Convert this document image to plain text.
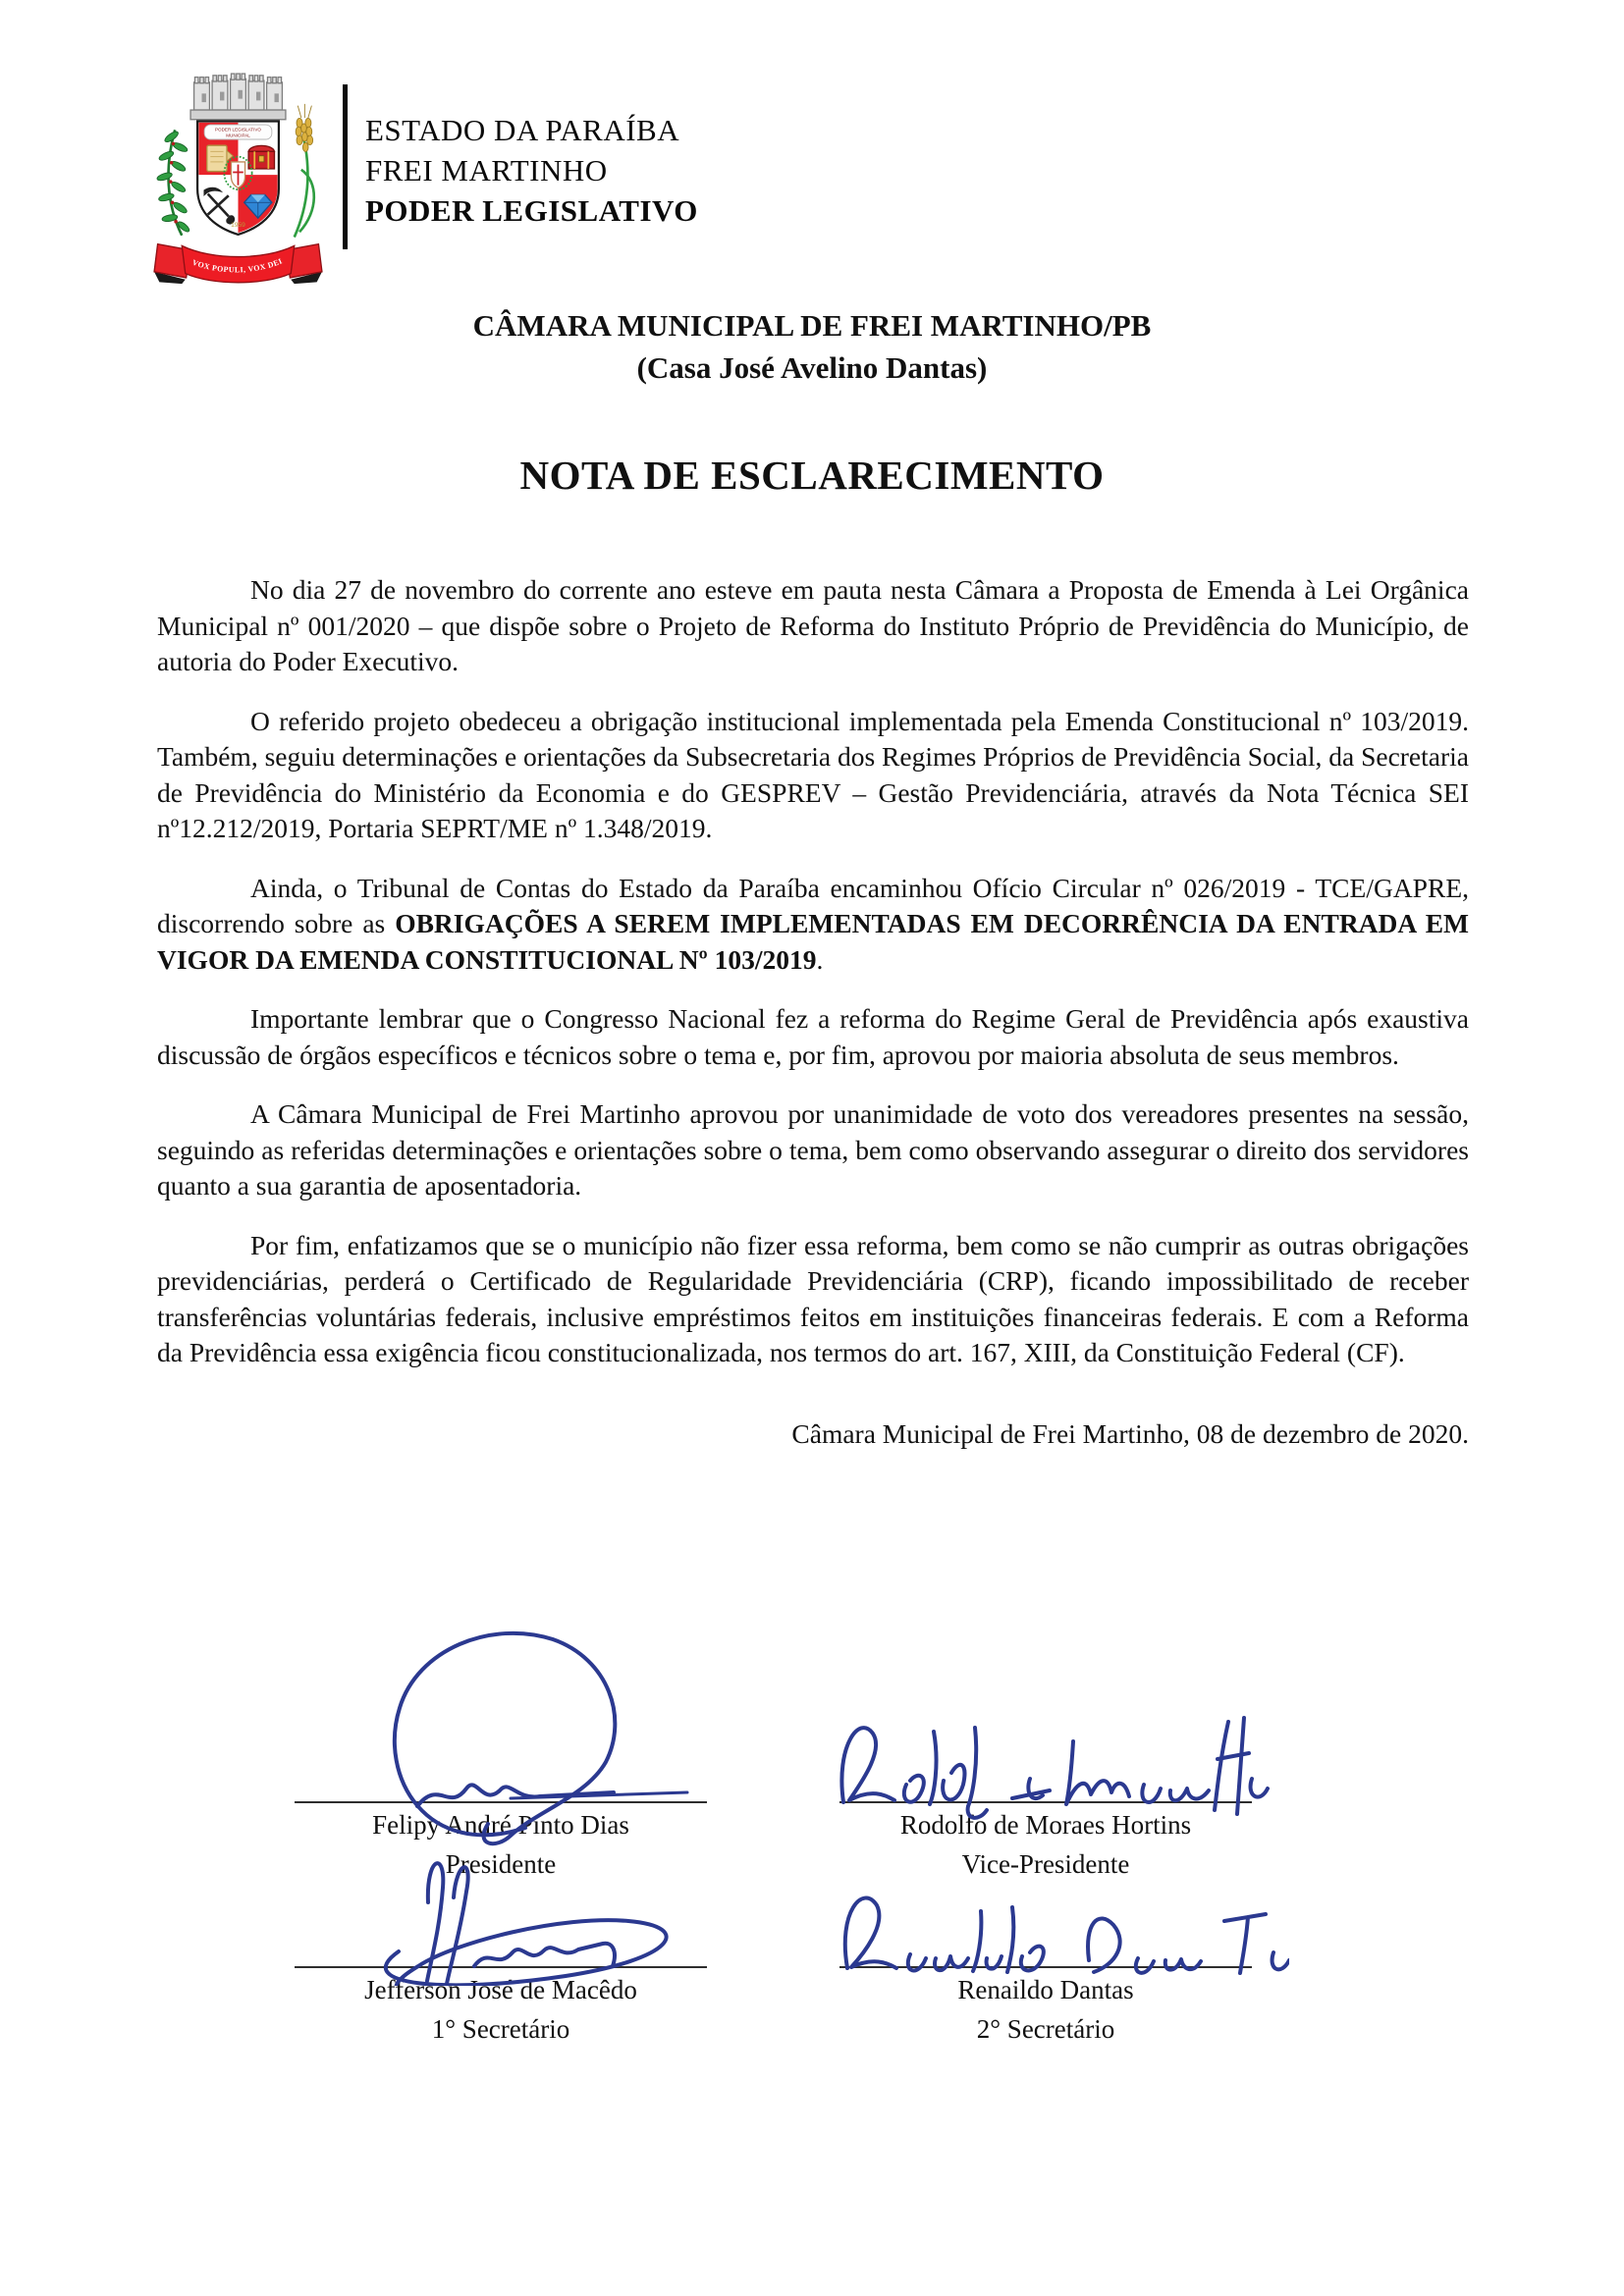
PODER LEGISLATIVO
MUNICIPAL
1959
VOX POPULI, VOX DEI
ESTADO DA PARAÍBA
FREI MARTINHO
PODER LEGISLATIVO
CÂMARA MUNICIPAL DE FREI MARTINHO/PB
(Casa José Avelino Dantas)
NOTA DE ESCLARECIMENTO

No dia 27 de novembro do corrente ano esteve em pauta nesta Câmara a Proposta de Emenda à Lei Orgânica Municipal nº 001/2020 – que dispõe sobre o Projeto de Reforma do Instituto Próprio de Previdência do Município, de autoria do Poder Executivo.

O referido projeto obedeceu a obrigação institucional implementada pela Emenda Constitucional nº 103/2019. Também, seguiu determinações e orientações da Subsecretaria dos Regimes Próprios de Previdência Social, da Secretaria de Previdência do Ministério da Economia e do GESPREV – Gestão Previdenciária, através da Nota Técnica SEI nº12.212/2019, Portaria SEPRT/ME nº 1.348/2019.

Ainda, o Tribunal de Contas do Estado da Paraíba encaminhou Ofício Circular nº 026/2019 - TCE/GAPRE, discorrendo sobre as OBRIGAÇÕES A SEREM IMPLEMENTADAS EM DECORRÊNCIA DA ENTRADA EM VIGOR DA EMENDA CONSTITUCIONAL Nº 103/2019.

Importante lembrar que o Congresso Nacional fez a reforma do Regime Geral de Previdência após exaustiva discussão de órgãos específicos e técnicos sobre o tema e, por fim, aprovou por maioria absoluta de seus membros.

A Câmara Municipal de Frei Martinho aprovou por unanimidade de voto dos vereadores presentes na sessão, seguindo as referidas determinações e orientações sobre o tema, bem como observando assegurar o direito dos servidores quanto a sua garantia de aposentadoria.

Por fim, enfatizamos que se o município não fizer essa reforma, bem como se não cumprir as outras obrigações previdenciárias, perderá o Certificado de Regularidade Previdenciária (CRP), ficando impossibilitado de receber transferências voluntárias federais, inclusive empréstimos feitos em instituições financeiras federais. E com a Reforma da Previdência essa exigência ficou constitucionalizada, nos termos do art. 167, XIII, da Constituição Federal (CF).

Câmara Municipal de Frei Martinho, 08 de dezembro de 2020.
Felipy André Pinto Dias
Presidente
Rodolfo de Moraes Hortins
Vice-Presidente
Jefferson José de Macêdo
1° Secretário
Renaildo Dantas
2° Secretário
